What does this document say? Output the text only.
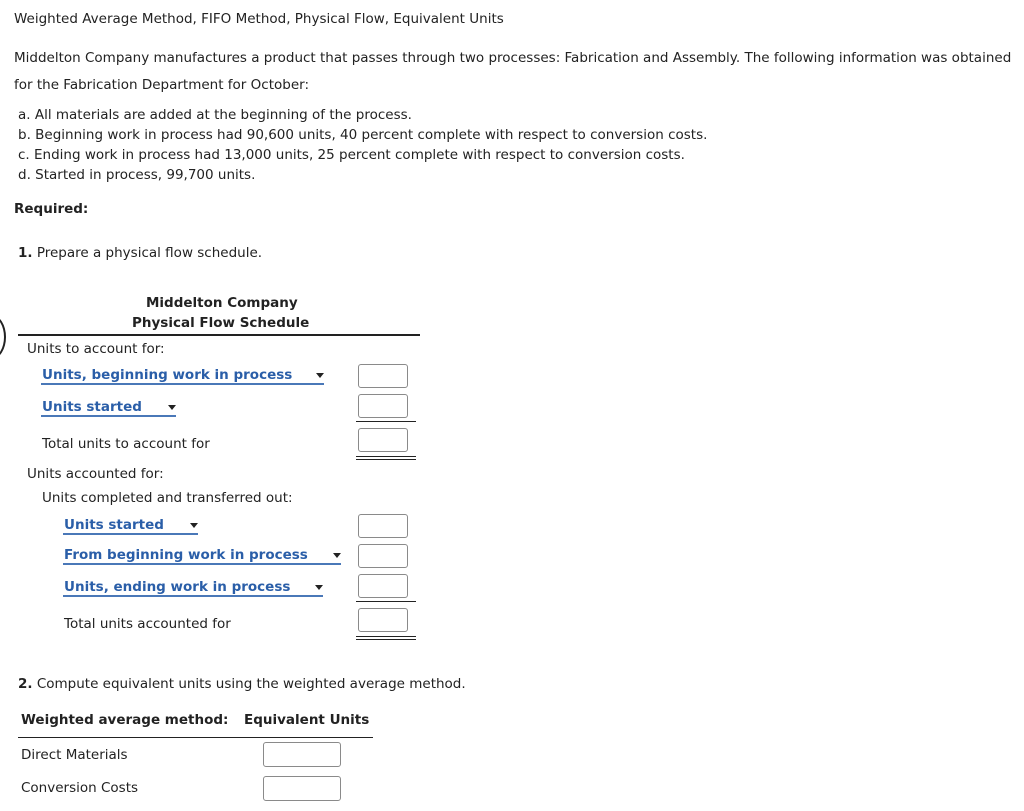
Weighted Average Method, FIFO Method, Physical Flow, Equivalent Units
Middelton Company manufactures a product that passes through two processes: Fabrication and Assembly. The following information was obtained
for the Fabrication Department for October:
a. All materials are added at the beginning of the process.
b. Beginning work in process had 90,600 units, 40 percent complete with respect to conversion costs.
c. Ending work in process had 13,000 units, 25 percent complete with respect to conversion costs.
d. Started in process, 99,700 units.
Required:
1. Prepare a physical flow schedule.
Middelton Company
Physical Flow Schedule
Units to account for:
Units, beginning work in process
Units started
Total units to account for
Units accounted for:
Units completed and transferred out:
Units started
From beginning work in process
Units, ending work in process
Total units accounted for
2. Compute equivalent units using the weighted average method.
Weighted average method: Equivalent Units
Direct Materials
Conversion Costs
